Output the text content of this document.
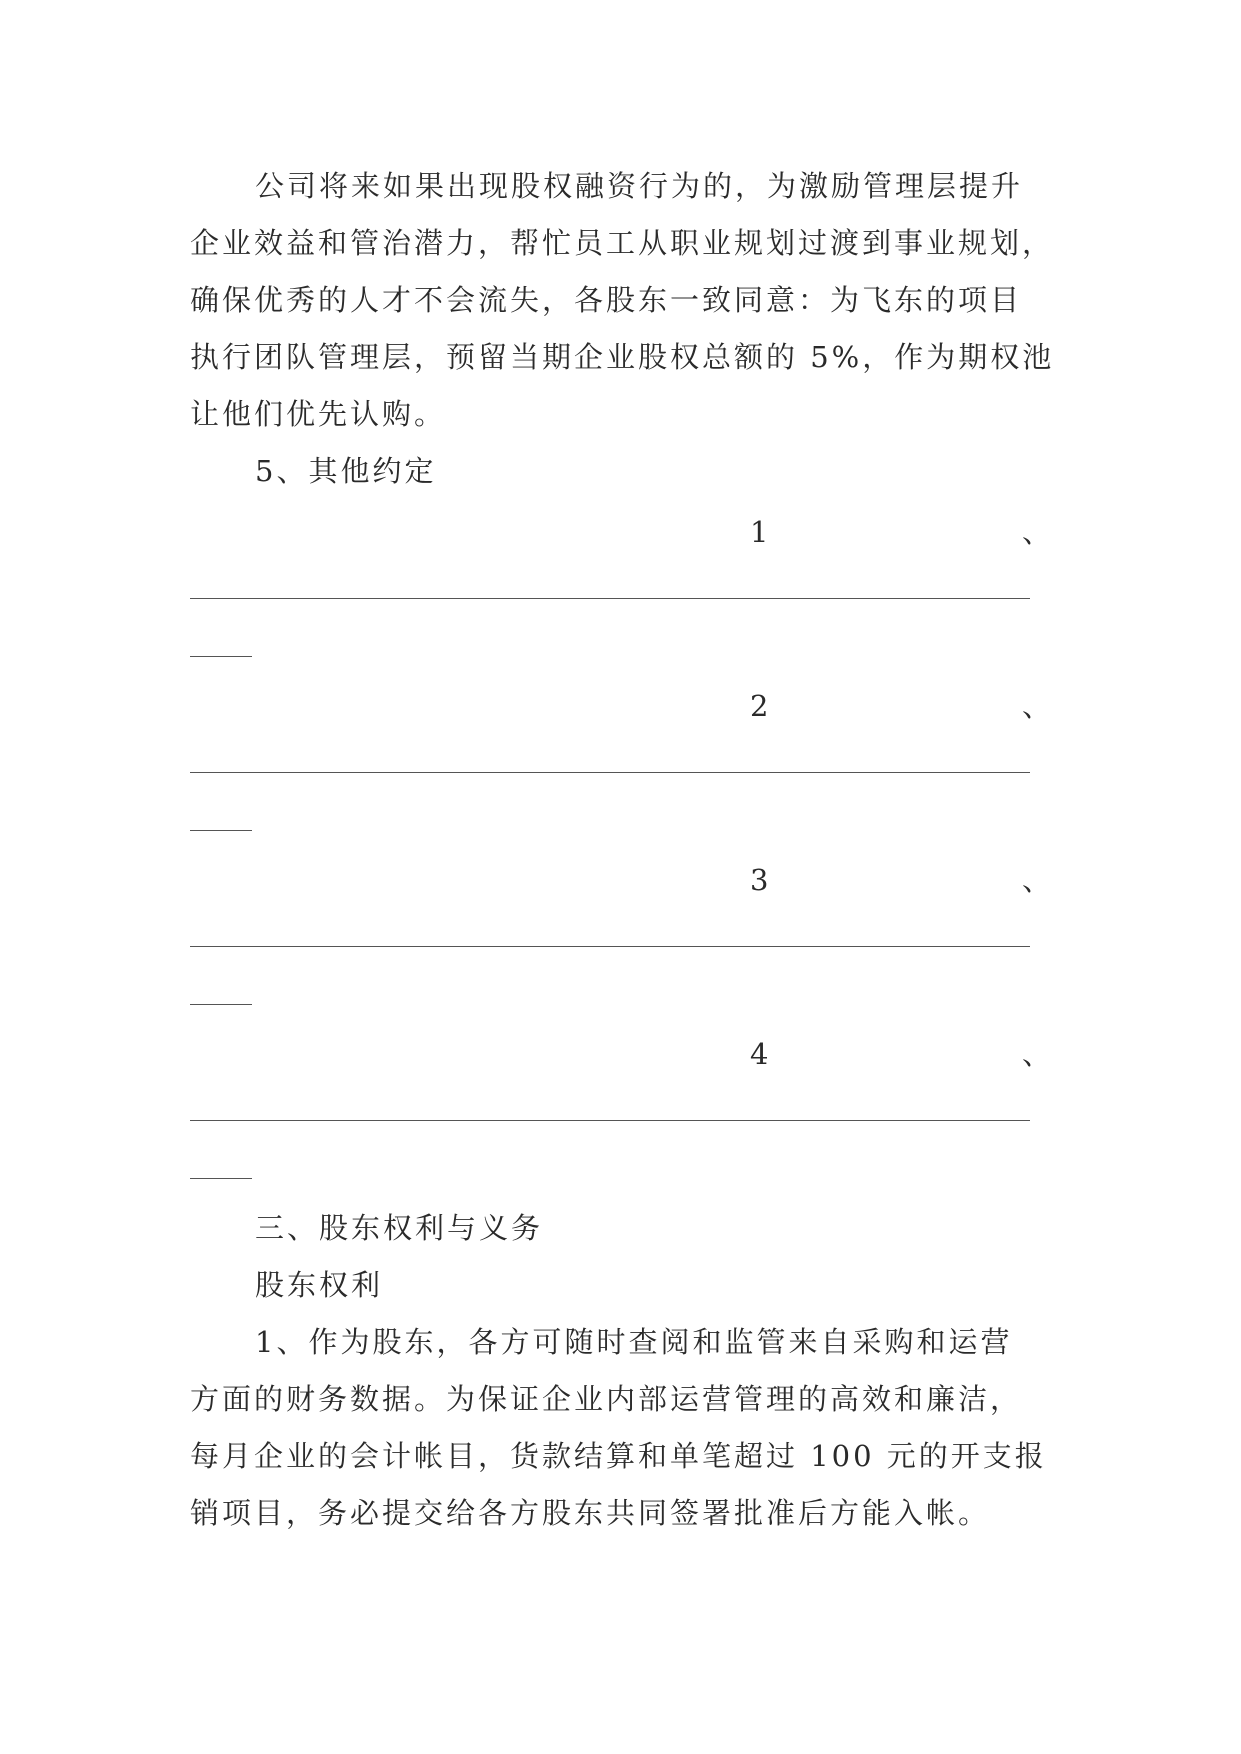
公司将来如果出现股权融资行为的，为激励管理层提升
企业效益和管治潜力，帮忙员工从职业规划过渡到事业规划，
确保优秀的人才不会流失，各股东一致同意：为飞东的项目
执行团队管理层，预留当期企业股权总额的 5%，作为期权池
让他们优先认购。
5、其他约定
1	、
2	、
3	、
4	、
三、股东权利与义务
股东权利
1、作为股东，各方可随时查阅和监管来自采购和运营
方面的财务数据。为保证企业内部运营管理的高效和廉洁，
每月企业的会计帐目，货款结算和单笔超过 100 元的开支报
销项目，务必提交给各方股东共同签署批准后方能入帐。
